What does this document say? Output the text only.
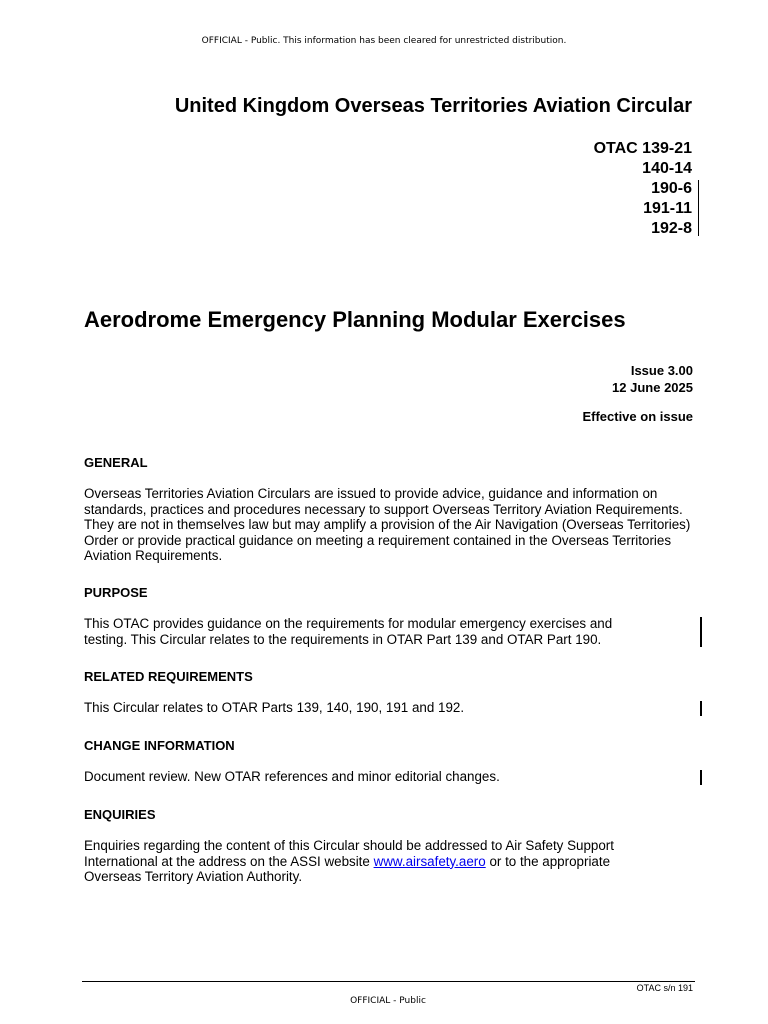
OFFICIAL - Public. This information has been cleared for unrestricted distribution.
United Kingdom Overseas Territories Aviation Circular
OTAC 139-21
140-14
190-6
191-11
192-8
Aerodrome Emergency Planning Modular Exercises
Issue 3.00
12 June 2025
Effective on issue
GENERAL
Overseas Territories Aviation Circulars are issued to provide advice, guidance and information on standards, practices and procedures necessary to support Overseas Territory Aviation Requirements. They are not in themselves law but may amplify a provision of the Air Navigation (Overseas Territories) Order or provide practical guidance on meeting a requirement contained in the Overseas Territories Aviation Requirements.
PURPOSE
This OTAC provides guidance on the requirements for modular emergency exercises and testing. This Circular relates to the requirements in OTAR Part 139 and OTAR Part 190.
RELATED REQUIREMENTS
This Circular relates to OTAR Parts 139, 140, 190, 191 and 192.
CHANGE INFORMATION
Document review. New OTAR references and minor editorial changes.
ENQUIRIES
Enquiries regarding the content of this Circular should be addressed to Air Safety Support International at the address on the ASSI website www.airsafety.aero or to the appropriate Overseas Territory Aviation Authority.
OTAC s/n 191
OFFICIAL - Public
